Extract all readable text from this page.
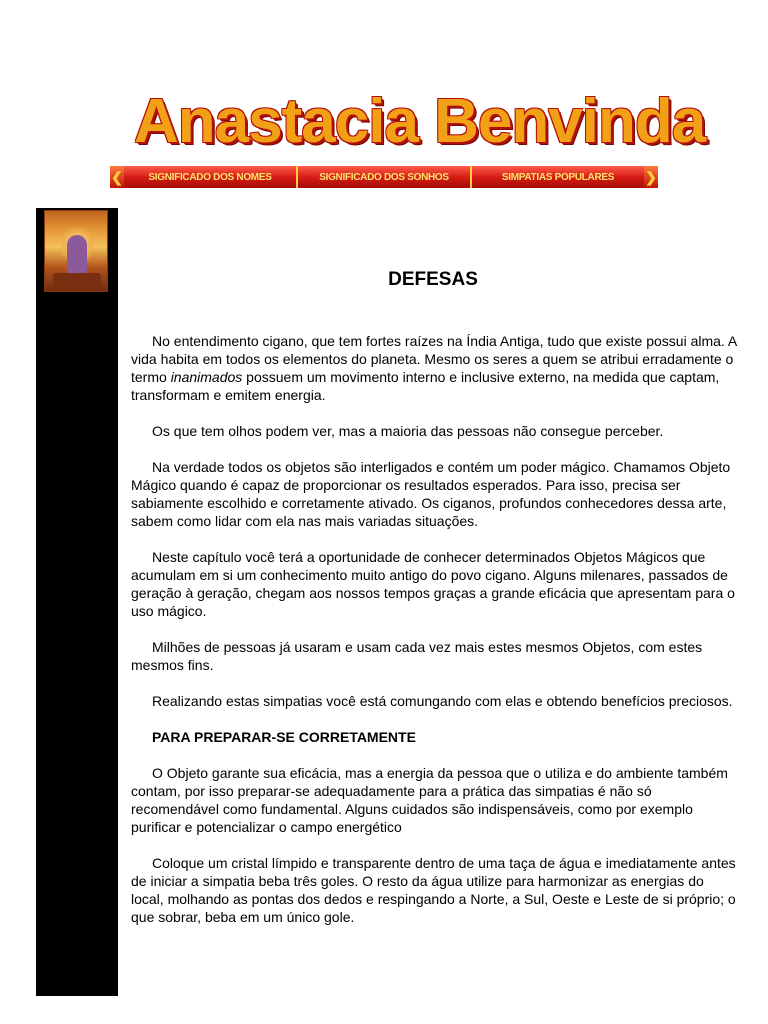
Anastacia Benvinda
❮	SIGNIFICADO DOS NOMES	SIGNIFICADO DOS SONHOS	SIMPATIAS POPULARES	❯
DEFESAS

No entendimento cigano, que tem fortes raízes na Índia Antiga, tudo que existe possui alma. A vida habita em todos os elementos do planeta. Mesmo os seres a quem se atribui erradamente o termo inanimados possuem um movimento interno e inclusive externo, na medida que captam, transformam e emitem energia.

Os que tem olhos podem ver, mas a maioria das pessoas não consegue perceber.

Na verdade todos os objetos são interligados e contém um poder mágico. Chamamos Objeto Mágico quando é capaz de proporcionar os resultados esperados. Para isso, precisa ser sabiamente escolhido e corretamente ativado. Os ciganos, profundos conhecedores dessa arte, sabem como lidar com ela nas mais variadas situações.

Neste capítulo você terá a oportunidade de conhecer determinados Objetos Mágicos que acumulam em si um conhecimento muito antigo do povo cigano. Alguns milenares, passados de geração à geração, chegam aos nossos tempos graças a grande eficácia que apresentam para o uso mágico.

Milhões de pessoas já usaram e usam cada vez mais estes mesmos Objetos, com estes mesmos fins.

Realizando estas simpatias você está comungando com elas e obtendo benefícios preciosos.

PARA PREPARAR-SE CORRETAMENTE

O Objeto garante sua eficácia, mas a energia da pessoa que o utiliza e do ambiente também contam, por isso preparar-se adequadamente para a prática das simpatias é não só recomendável como fundamental. Alguns cuidados são indispensáveis, como por exemplo purificar e potencializar o campo energético

Coloque um cristal límpido e transparente dentro de uma taça de água e imediatamente antes de iniciar a simpatia beba três goles. O resto da água utilize para harmonizar as energias do local, molhando as pontas dos dedos e respingando a Norte, a Sul, Oeste e Leste de si próprio; o que sobrar, beba em um único gole.
